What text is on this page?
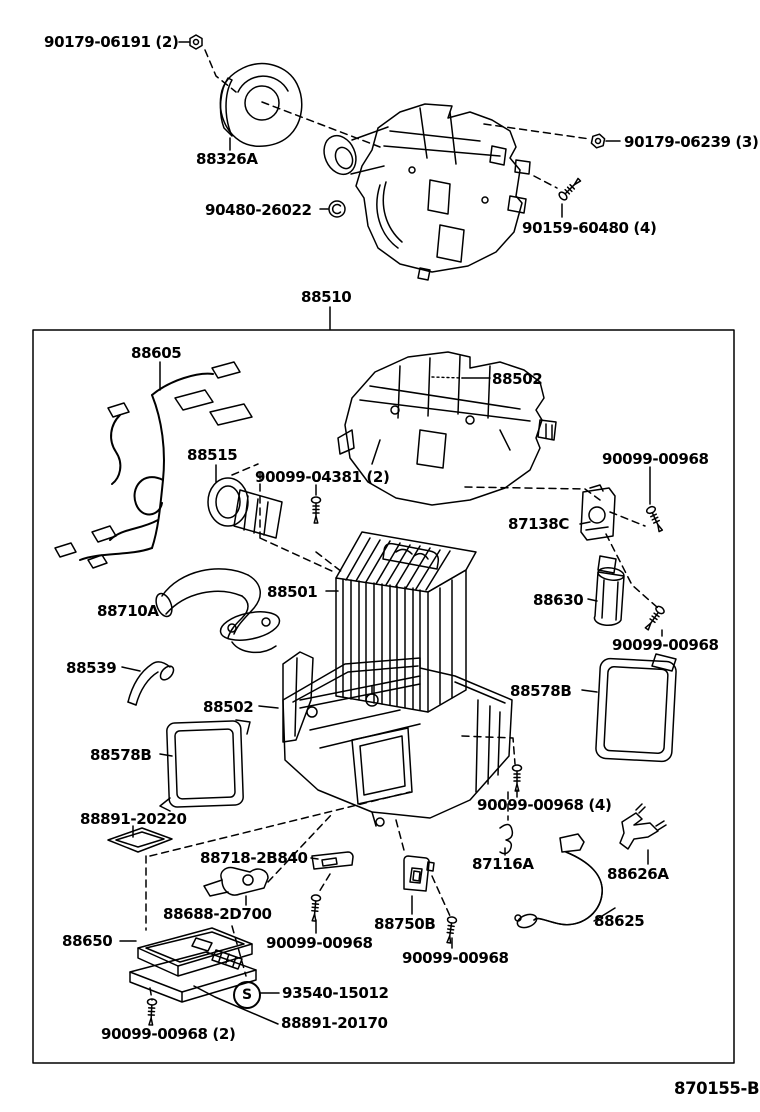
90179-06191 (2)
88326A
90480-26022
90179-06239 (3)
90159-60480 (4)
88510
88605
88502
90099-00968
88515
90099-04381 (2)
87138C
88501	88630
88710A
90099-00968
88539
88578B
88502
88578B
90099-00968 (4)
88891-20220
88718-2B840	87116A
88626A
88688-2D700
88750B	88625
90099-00968
88650
90099-00968
93540-15012
88891-20170
90099-00968 (2)
S
870155-B
